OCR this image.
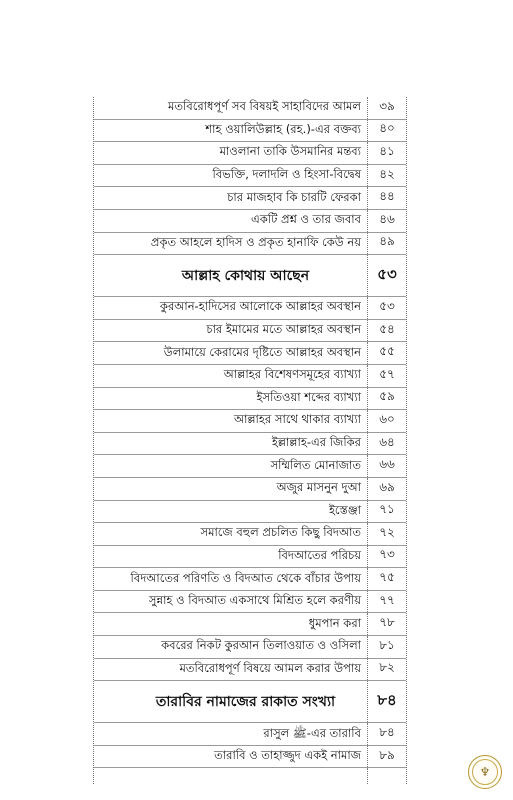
মতবিরোধপূর্ণ সব বিষয়ই সাহাবিদের আমল	৩৯
শাহ ওয়ালিউল্লাহ (রহ.)-এর বক্তব্য	৪০
মাওলানা তাকি উসমানির মন্তব্য	৪১
বিভক্তি, দলাদলি ও হিংসা-বিদ্বেষ	৪২
চার মাজহাব কি চারটি ফেরকা	৪৪
একটি প্রশ্ন ও তার জবাব	৪৬
প্রকৃত আহলে হাদিস ও প্রকৃত হানাফি কেউ নয়	৪৯
আল্লাহ কোথায় আছেন	৫৩
কুরআন-হাদিসের আলোকে আল্লাহর অবস্থান	৫৩
চার ইমামের মতে আল্লাহর অবস্থান	৫৪
উলামায়ে কেরামের দৃষ্টিতে আল্লাহর অবস্থান	৫৫
আল্লাহর বিশেষণসমূহের ব্যাখ্যা	৫৭
ইসতিওয়া শব্দের ব্যাখ্যা	৫৯
আল্লাহর সাথে থাকার ব্যাখ্যা	৬০
ইল্লাল্লাহ-এর জিকির	৬৪
সম্মিলিত মোনাজাত	৬৬
অজুর মাসনুন দুআ	৬৯
ইস্তেঞ্জা	৭১
সমাজে বহুল প্রচলিত কিছু বিদআত	৭২
বিদআতের পরিচয়	৭৩
বিদআতের পরিণতি ও বিদআত থেকে বাঁচার উপায়	৭৫
সুন্নাহ ও বিদআত একসাথে মিশ্রিত হলে করণীয়	৭৭
ধুমপান করা	৭৮
কবরের নিকট কুরআন তিলাওয়াত ও ওসিলা	৮১
মতবিরোধপূর্ণ বিষয়ে আমল করার উপায়	৮২
তারাবির নামাজের রাকাত সংখ্যা	৮৪
রাসুল ﷺ-এর তারাবি	৮৪
তারাবি ও তাহাজ্জুদ একই নামাজ	৮৯
♆
